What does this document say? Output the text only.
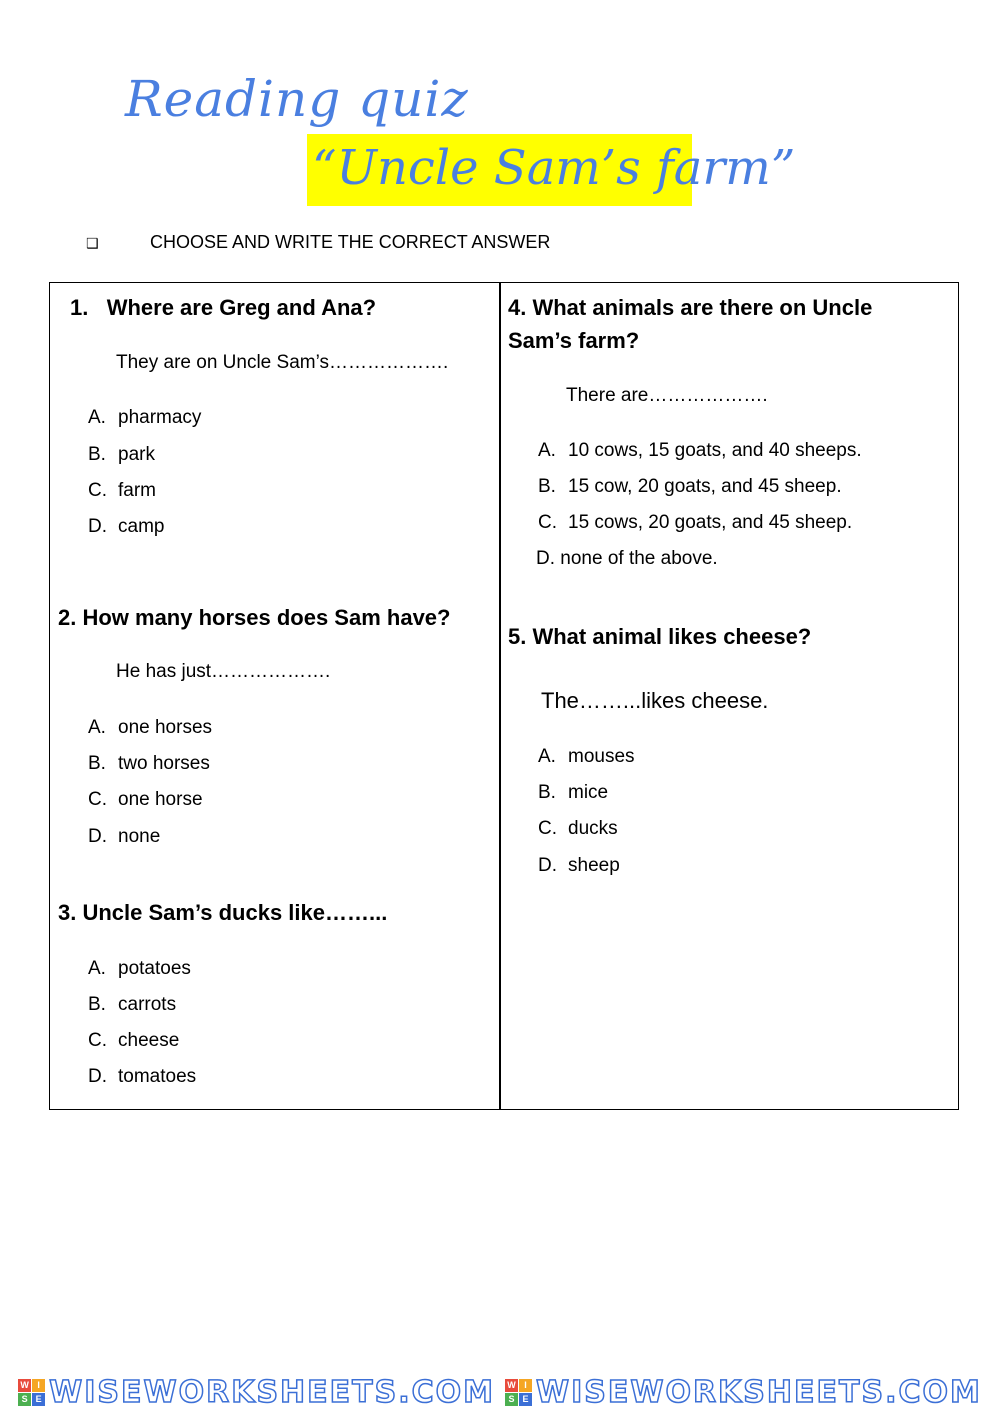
Reading quiz
“Uncle Sam’s farm”
❑	CHOOSE AND WRITE THE CORRECT ANSWER
1. Where are Greg and Ana?
They are on Uncle Sam’s……………….
A. pharmacy
B. park
C. farm
D. camp
2. How many horses does Sam have?
He has just……………….
A. one horses
B. two horses
C. one horse
D. none
3. Uncle Sam’s ducks like……...
A. potatoes
B. carrots
C. cheese
D. tomatoes
4. What animals are there on Uncle
Sam’s farm?
There are……………….
A. 10 cows, 15 goats, and 40 sheeps.
B. 15 cow, 20 goats, and 45 sheep.
C. 15 cows, 20 goats, and 45 sheep.
D. none of the above.
5. What animal likes cheese?
The……...likes cheese.
A. mouses
B. mice
C. ducks
D. sheep
W I
S E WISEWORKSHEETS.COM W I
S E WISEWORKSHEETS.COM
